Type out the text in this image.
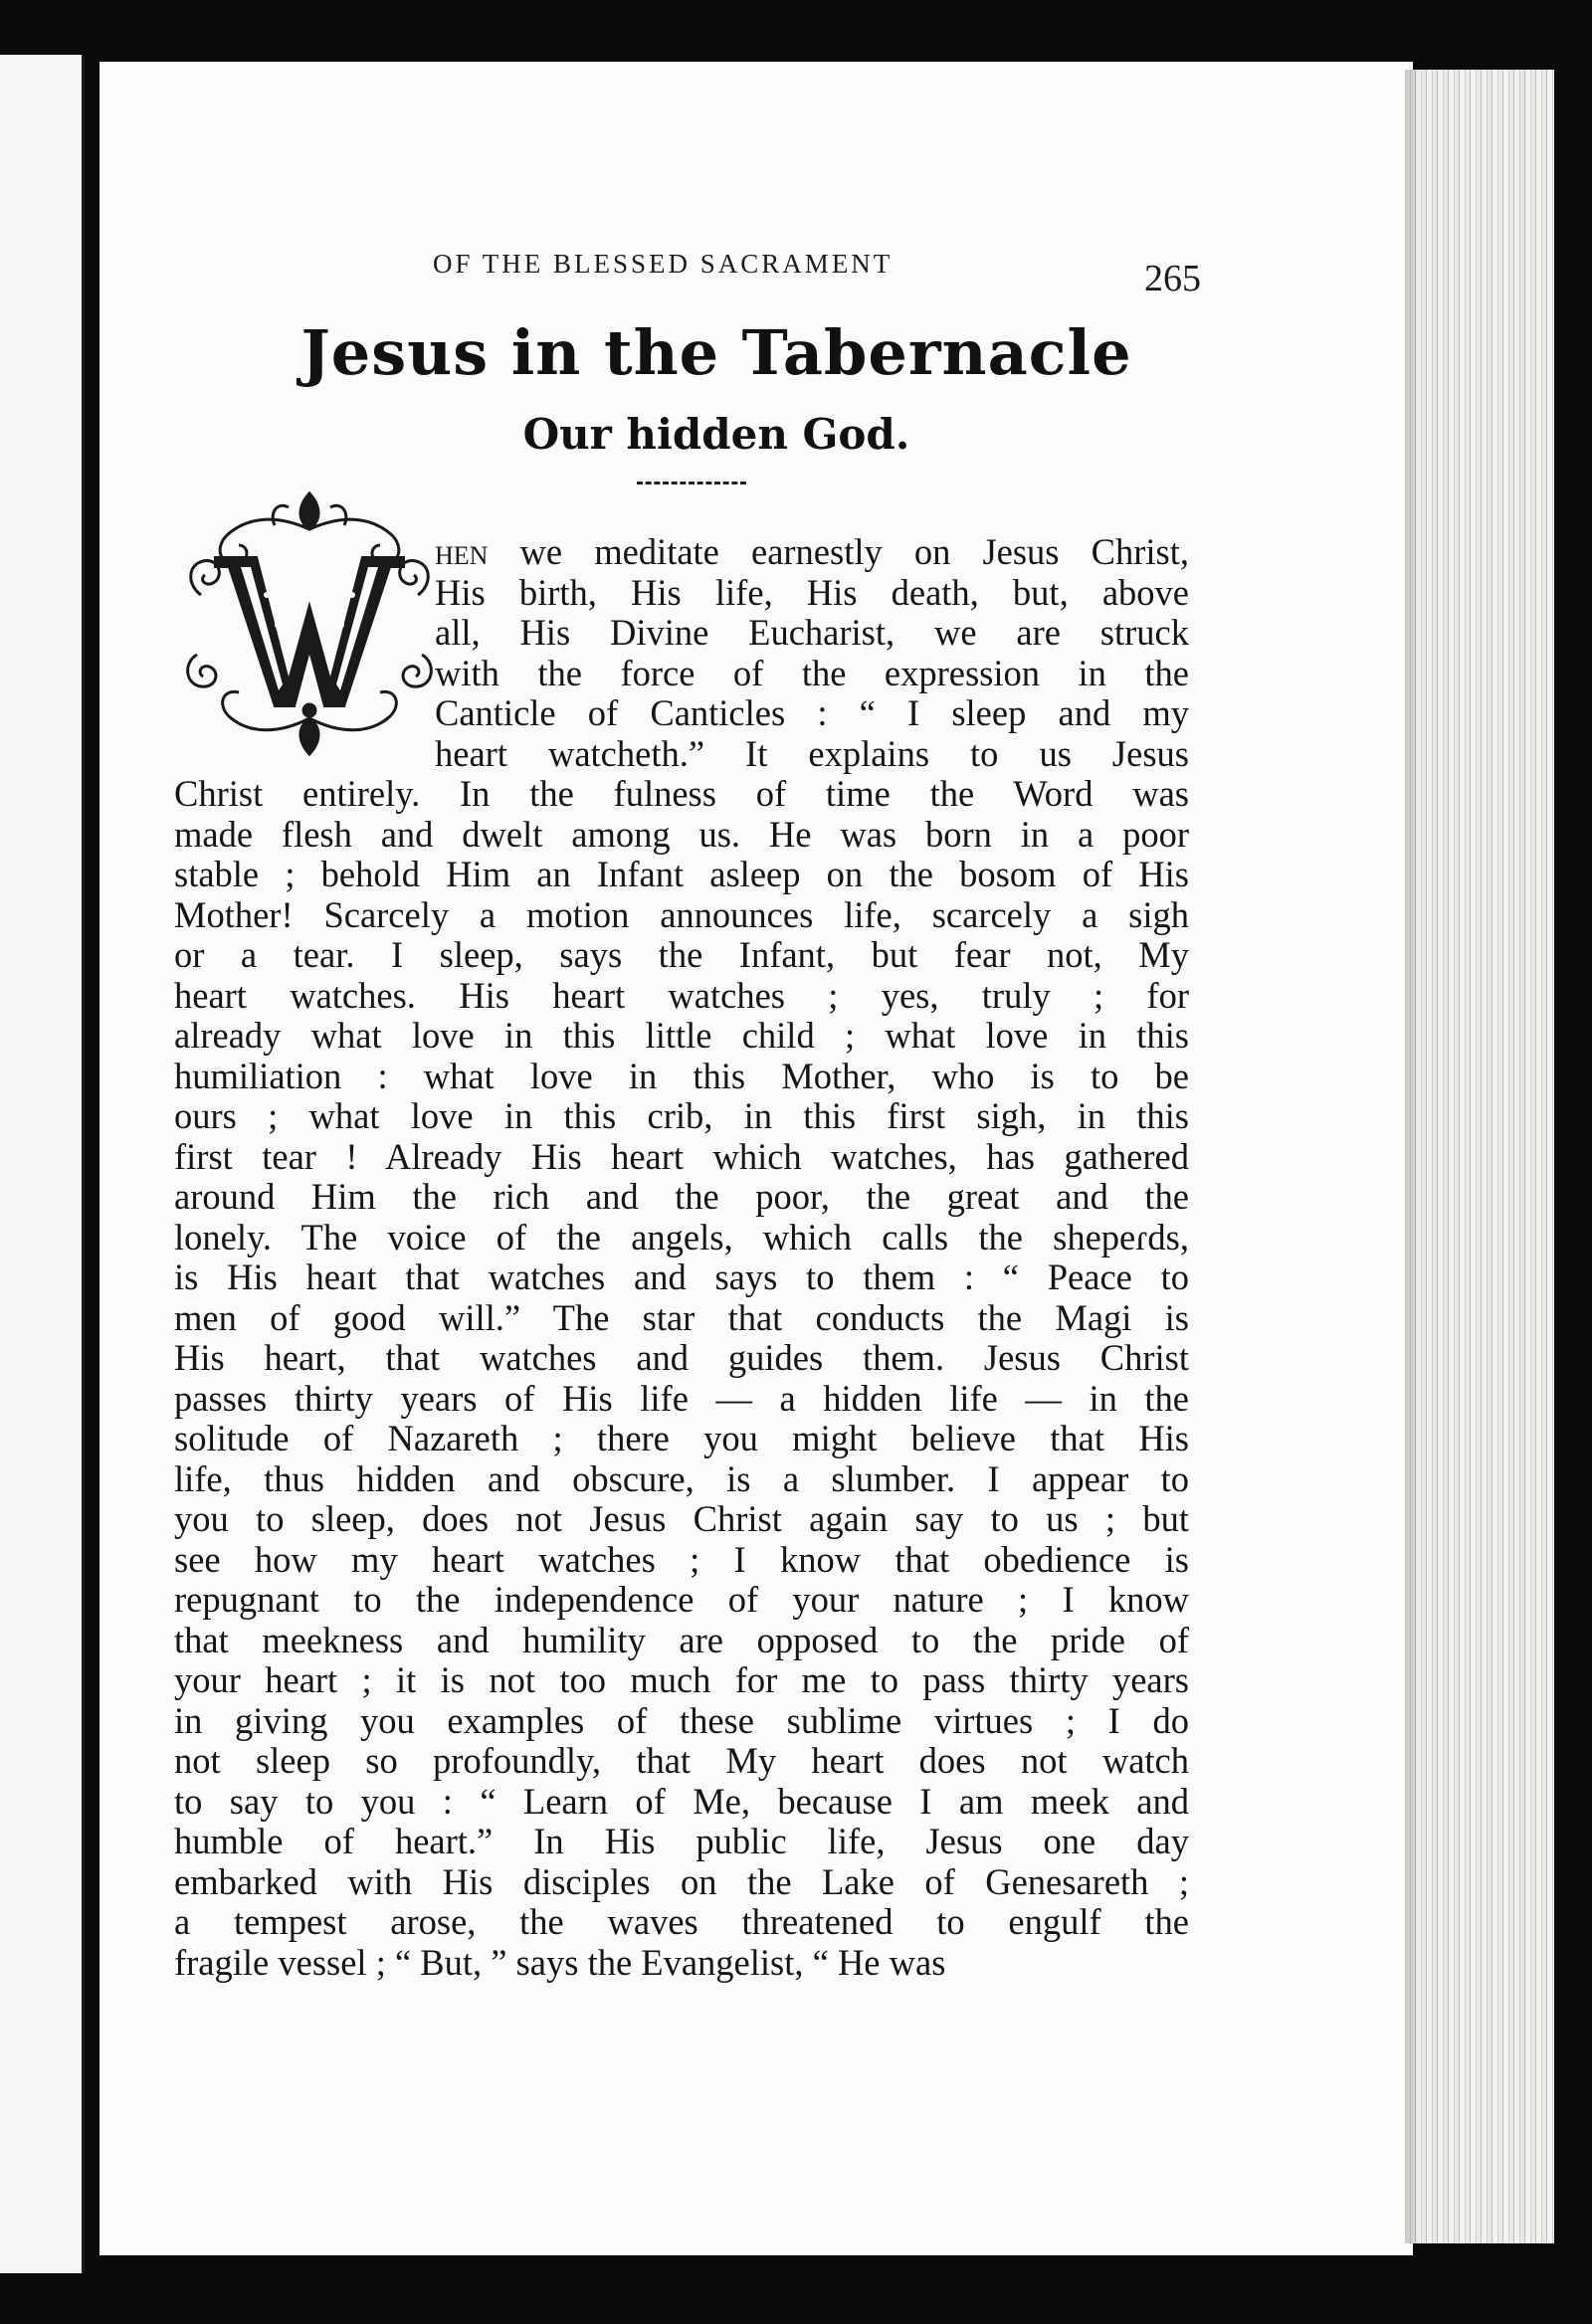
OF THE BLESSED SACRAMENT	265
Jesus in the Tabernacle
Our hidden God.
hen we meditate earnestly on Jesus Christ,
His birth, His life, His death, but, above
all, His Divine Eucharist, we are struck
with the force of the expression in the
Canticle of Canticles : “ I sleep and my
heart watcheth.” It explains to us Jesus
Christ entirely. In the fulness of time the Word was
made flesh and dwelt among us. He was born in a poor
stable ; behold Him an Infant asleep on the bosom of His
Mother! Scarcely a motion announces life, scarcely a sigh
or a tear. I sleep, says the Infant, but fear not, My
heart watches. His heart watches ; yes, truly ; for
already what love in this little child ; what love in this
humiliation : what love in this Mother, who is to be
ours ; what love in this crib, in this first sigh, in this
first tear ! Already His heart which watches, has gathered
around Him the rich and the poor, the great and the
lonely. The voice of the angels, which calls the shepeɾds,
is His heaɪt that watches and says to them : “ Peace to
men of good will.” The star that conducts the Magi is
His heart, that watches and guides them. Jesus Christ
passes thirty years of His life — a hidden life — in the
solitude of Nazareth ; there you might believe that His
life, thus hidden and obscure, is a slumber. I appear to
you to sleep, does not Jesus Christ again say to us ; but
see how my heart watches ; I know that obedience is
repugnant to the independence of your nature ; I know
that meekness and humility are opposed to the pride of
your heart ; it is not too much for me to pass thirty years
in giving you examples of these sublime virtues ; I do
not sleep so profoundly, that My heart does not watch
to say to you : “ Learn of Me, because I am meek and
humble of heart.” In His public life, Jesus one day
embarked with His disciples on the Lake of Genesareth ;
a tempest arose, the waves threatened to engulf the
fragile vessel ; “ But, ” says the Evangelist, “ He was
